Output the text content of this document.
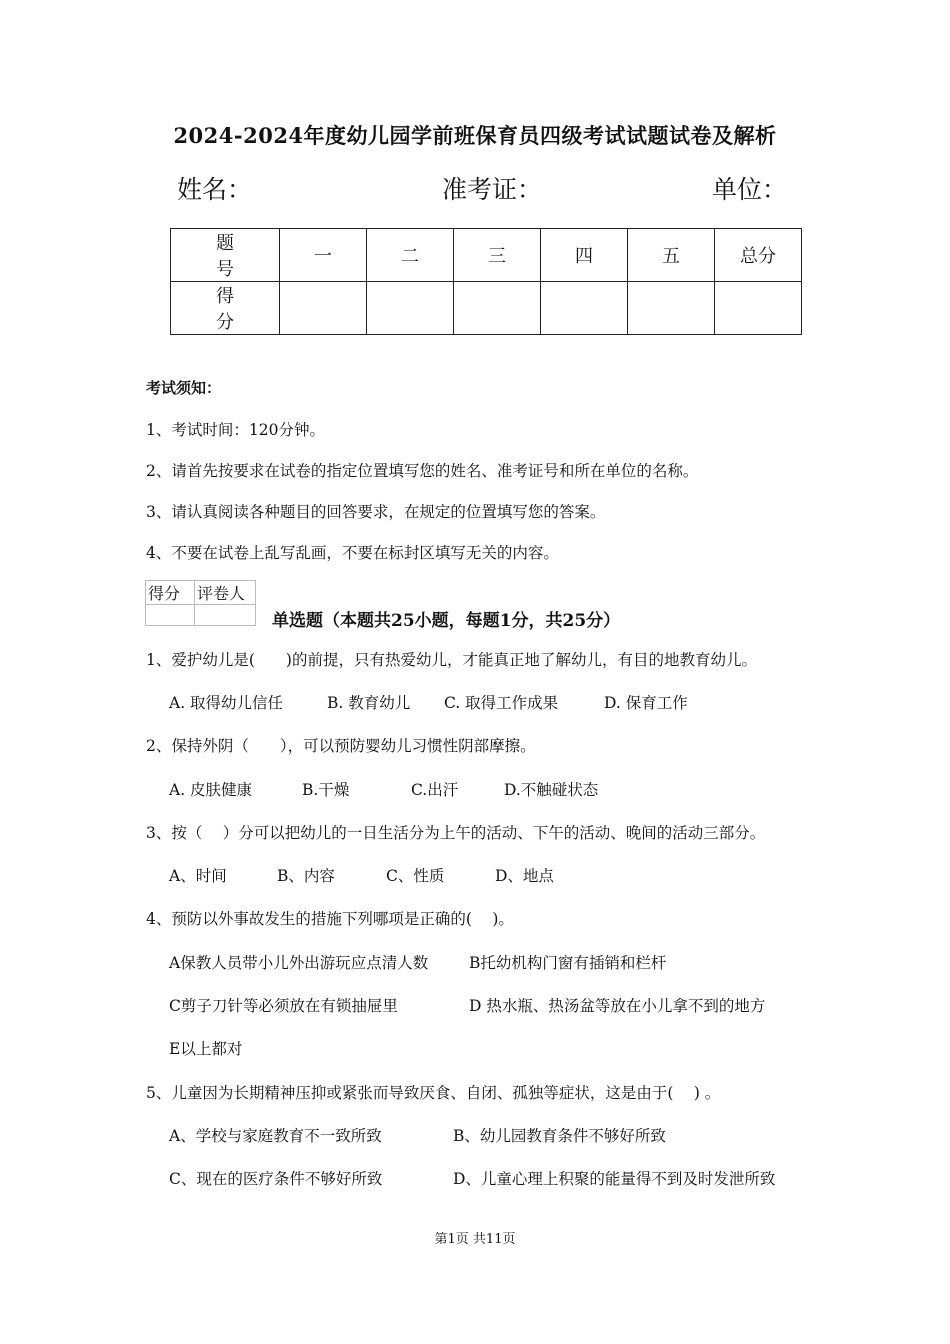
2024-2024年度幼儿园学前班保育员四级考试试题试卷及解析
姓名：	准考证：	单位：
题 号	一	二	三	四	五	总分
得 分						
考试须知：
1、考试时间：120分钟。
2、请首先按要求在试卷的指定位置填写您的姓名、准考证号和所在单位的名称。
3、请认真阅读各种题目的回答要求，在规定的位置填写您的答案。
4、不要在试卷上乱写乱画，不要在标封区填写无关的内容。
得分	评卷人

单选题（本题共25小题，每题1分，共25分）
1、爱护幼儿是(　　)的前提，只有热爱幼儿，才能真正地了解幼儿，有目的地教育幼儿。
A. 取得幼儿信任	B. 教育幼儿 C. 取得工作成果	D. 保育工作
2、保持外阴（　　），可以预防婴幼儿习惯性阴部摩擦。
A. 皮肤健康	B.干燥	C.出汗	D.不触碰状态
3、按（　 ）分可以把幼儿的一日生活分为上午的活动、下午的活动、晚间的活动三部分。
A、时间	B、内容	C、性质	D、地点
4、预防以外事故发生的措施下列哪项是正确的(　 )。
A保教人员带小儿外出游玩应点清人数	B托幼机构门窗有插销和栏杆
C剪子刀针等必须放在有锁抽屉里	D 热水瓶、热汤盆等放在小儿拿不到的地方
E以上都对
5、儿童因为长期精神压抑或紧张而导致厌食、自闭、孤独等症状，这是由于(　 ) 。
A、学校与家庭教育不一致所致	B、幼儿园教育条件不够好所致
C、现在的医疗条件不够好所致	D、儿童心理上积聚的能量得不到及时发泄所致
第1页 共11页
